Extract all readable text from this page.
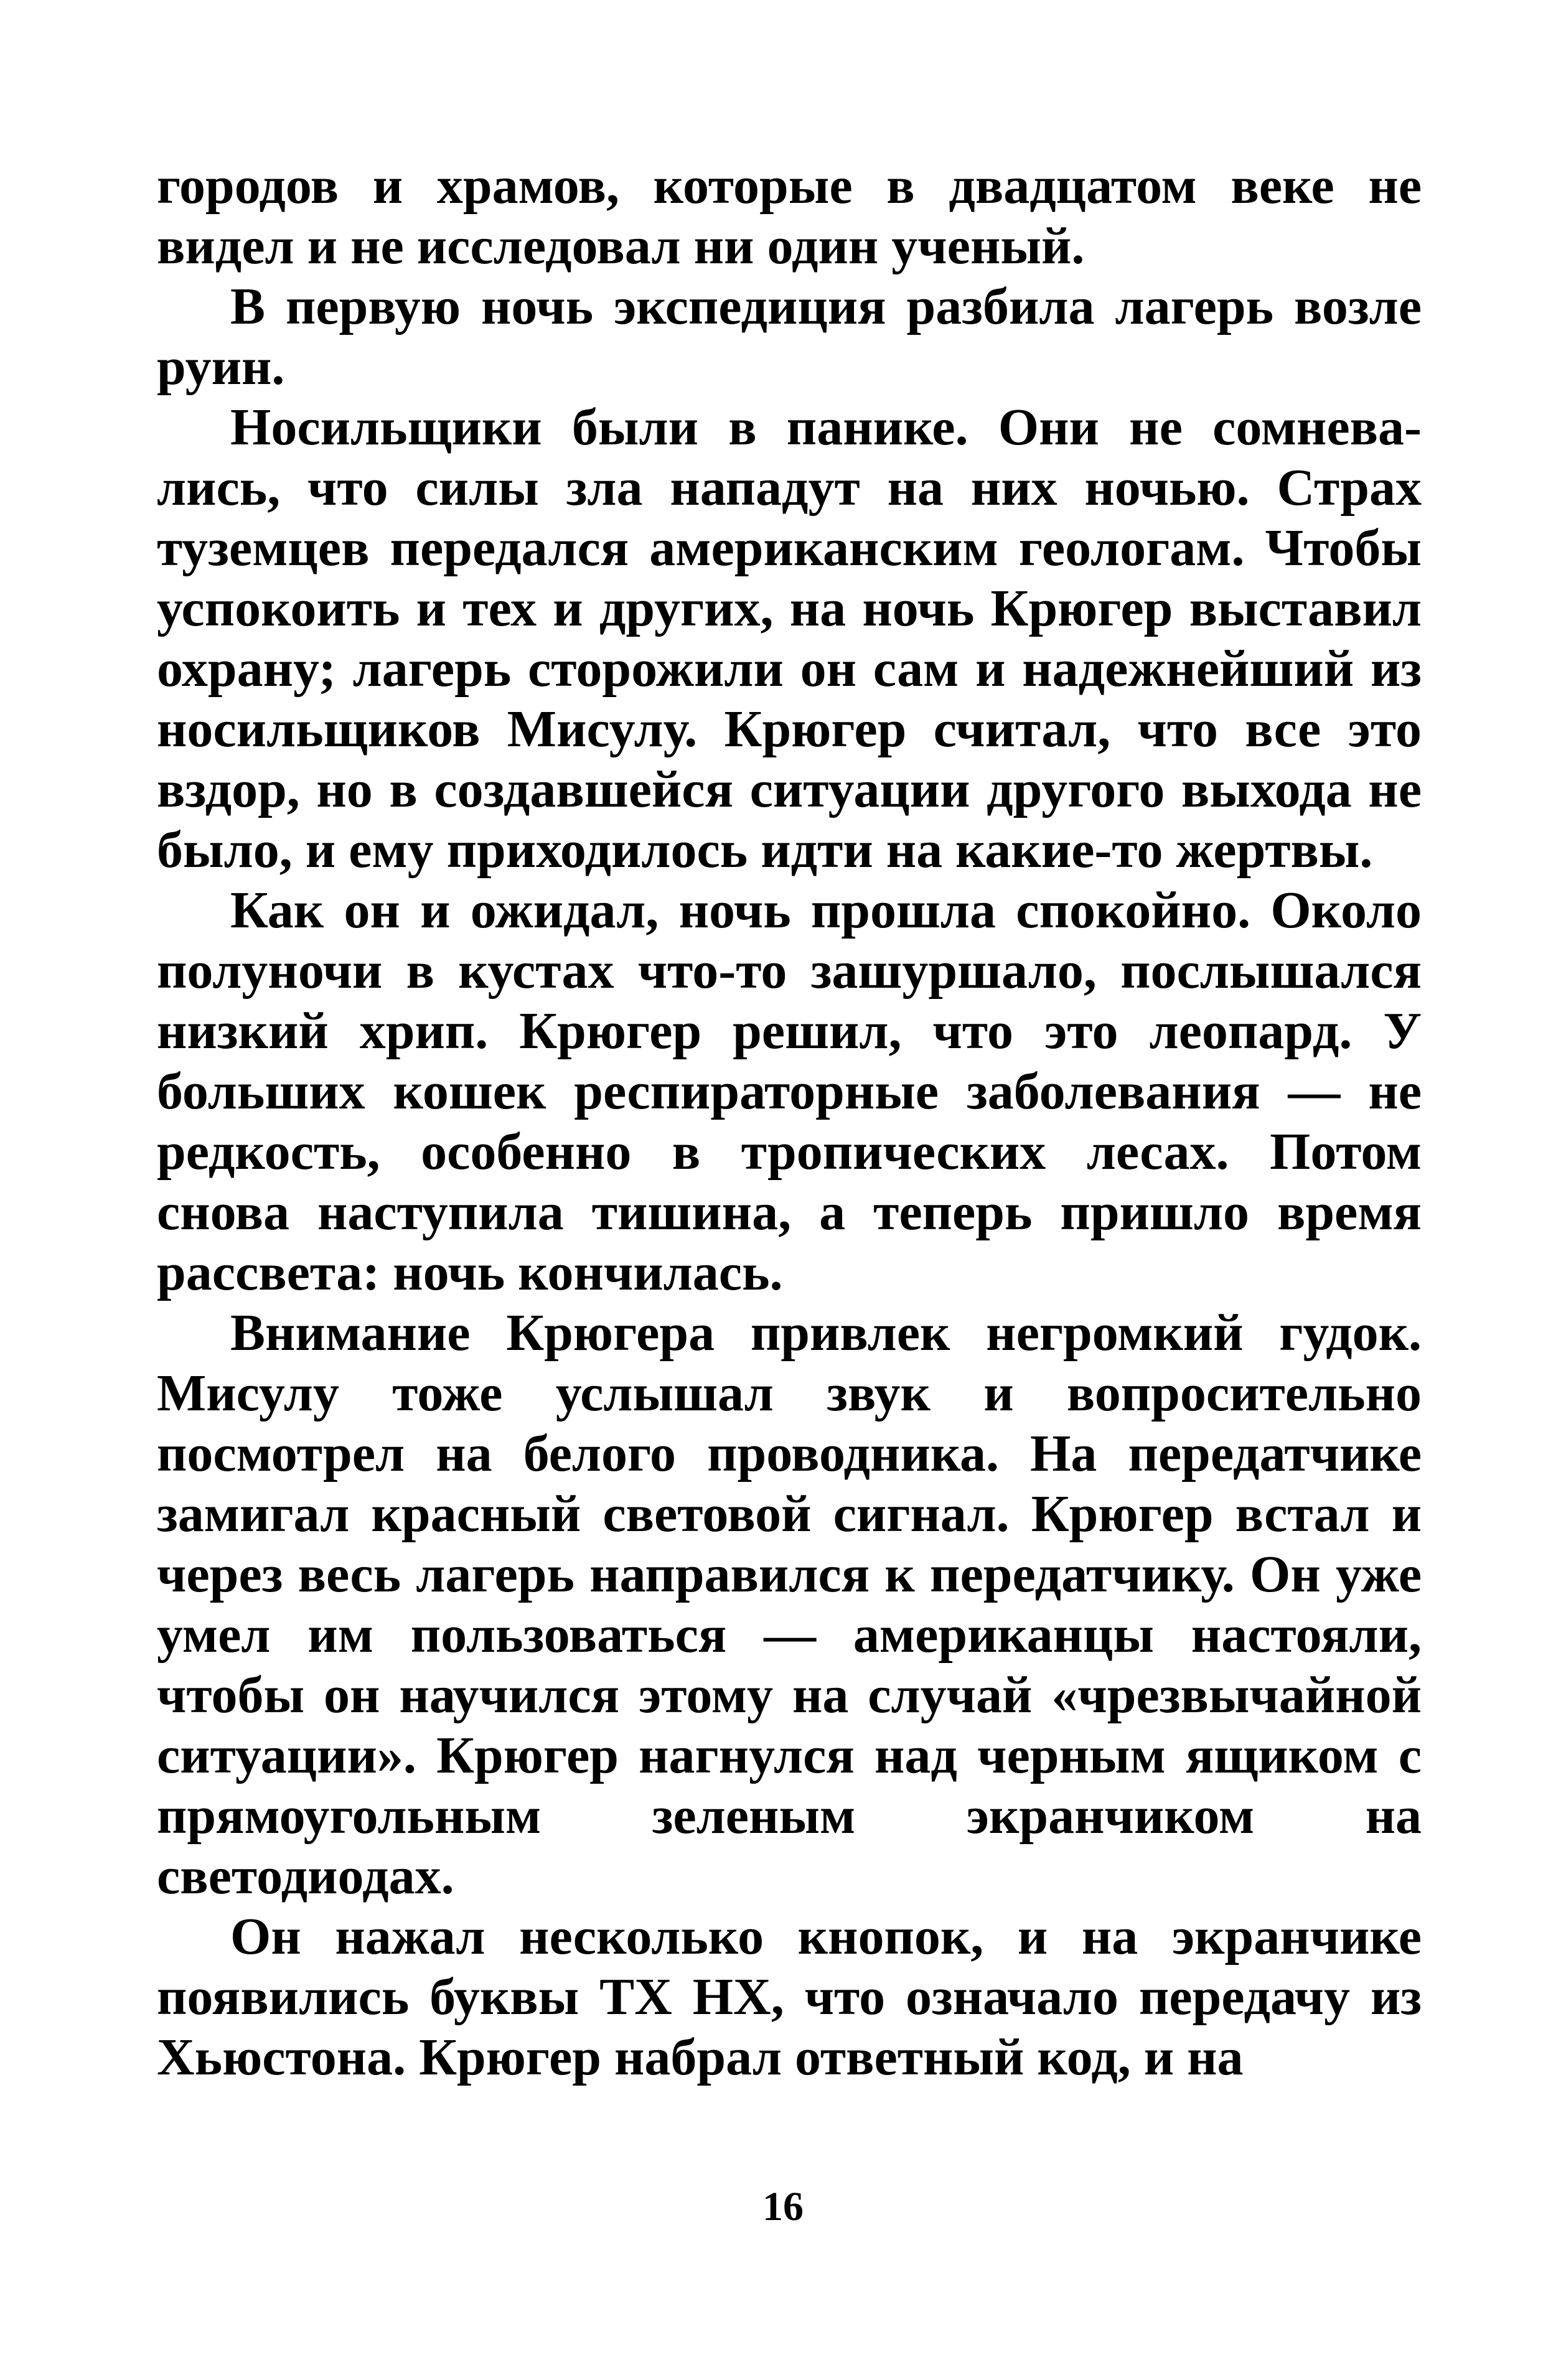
городов и храмов, которые в двадцатом веке не видел и не исследовал ни один ученый.

В первую ночь экспедиция разбила лагерь возле руин.

Носильщики были в панике. Они не сомневались, что силы зла нападут на них ночью. Страх туземцев передался американским геологам. Чтобы успокоить и тех и других, на ночь Крюгер выставил охрану; лагерь сторожили он сам и надежнейший из носильщиков Мисулу. Крюгер считал, что все это вздор, но в создавшейся ситуации другого выхода не было, и ему приходилось идти на какие-то жертвы.

Как он и ожидал, ночь прошла спокойно. Около полуночи в кустах что-то зашуршало, послышался низкий хрип. Крюгер решил, что это леопард. У больших кошек респираторные заболевания — не редкость, особенно в тропических лесах. Потом снова наступила тишина, а теперь пришло время рассвета: ночь кончилась.

Внимание Крюгера привлек негромкий гудок. Мисулу тоже услышал звук и вопросительно посмотрел на белого проводника. На передатчике замигал красный световой сигнал. Крюгер встал и через весь лагерь направился к передатчику. Он уже умел им пользоваться — американцы настояли, чтобы он научился этому на случай «чрезвычайной ситуации». Крюгер нагнулся над черным ящиком с прямоугольным зеленым экранчиком на светодиодах.

Он нажал несколько кнопок, и на экранчике появились буквы TX HX, что означало передачу из Хьюстона. Крюгер набрал ответный код, и на

16
